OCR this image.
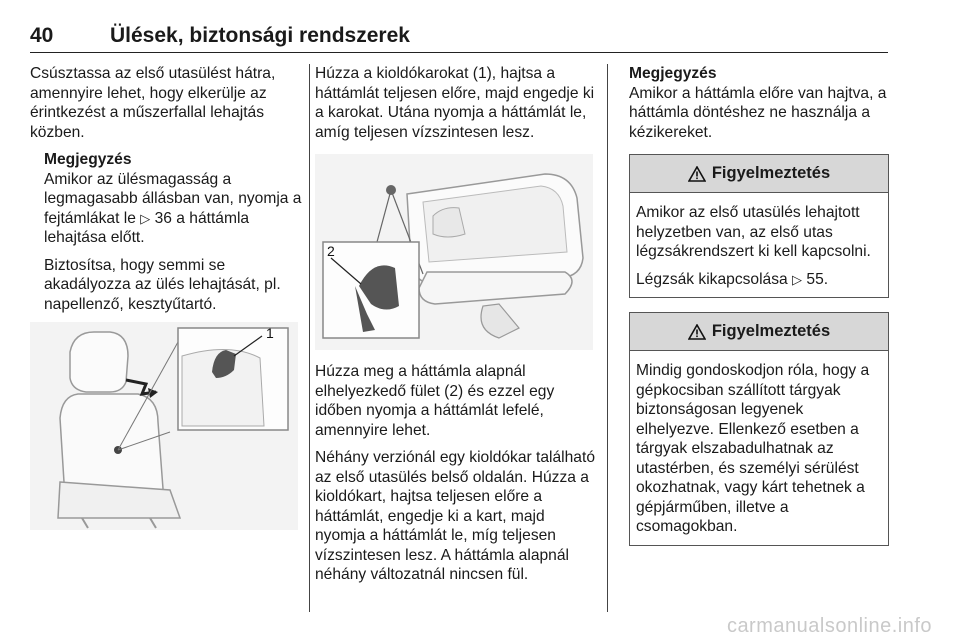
40	Ülések, biztonsági rendszerek

Csúsztassa az első utasülést hátra, amennyire lehet, hogy elkerülje az érintkezést a műszerfallal lehajtás közben.

Megjegyzés

Amikor az ülésmagasság a legmagasabb állásban van, nyomja a fejtámlákat le ▷ 36 a háttámla lehajtása előtt.

Biztosítsa, hogy semmi se akadályozza az ülés lehajtását, pl. napellenző, kesztyűtartó.

1

Húzza a kioldókarokat (1), hajtsa a háttámlát teljesen előre, majd engedje ki a karokat. Utána nyomja a háttámlát le, amíg teljesen vízszintesen lesz.

2

Húzza meg a háttámla alapnál elhelyezkedő fület (2) és ezzel egy időben nyomja a háttámlát lefelé, amennyire lehet.

Néhány verziónál egy kioldókar található az első utasülés belső oldalán. Húzza a kioldókart, hajtsa teljesen előre a háttámlát, engedje ki a kart, majd nyomja a háttámlát le, míg teljesen vízszintesen lesz. A háttámla alapnál néhány változatnál nincsen fül.

Megjegyzés

Amikor a háttámla előre van hajtva, a háttámla döntéshez ne használja a kézikereket.

Figyelmeztetés

Amikor az első utasülés lehajtott helyzetben van, az első utas légzsákrendszert ki kell kapcsolni.

Légzsák kikapcsolása ▷ 55.

Figyelmeztetés

Mindig gondoskodjon róla, hogy a gépkocsiban szállított tárgyak biztonságosan legyenek elhelyezve. Ellenkező esetben a tárgyak elszabadulhatnak az utastérben, és személyi sérülést okozhatnak, vagy kárt tehetnek a gépjárműben, illetve a csomagokban.

carmanualsonline.info
